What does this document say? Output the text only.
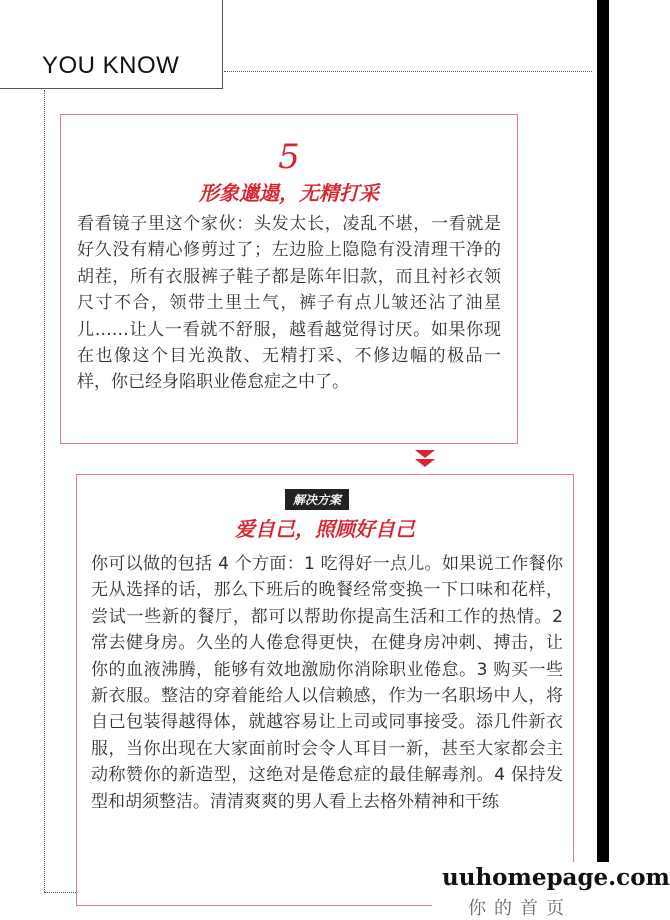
YOU KNOW
5
形象邋遢，无精打采
看看镜子里这个家伙：头发太长，凌乱不堪，一看就是好久没有精心修剪过了；左边脸上隐隐有没清理干净的胡茬，所有衣服裤子鞋子都是陈年旧款，而且衬衫衣领尺寸不合，领带土里土气，裤子有点儿皱还沾了油星儿……让人一看就不舒服，越看越觉得讨厌。如果你现在也像这个目光涣散、无精打采、不修边幅的极品一样，你已经身陷职业倦怠症之中了。
解决方案
爱自己，照顾好自己
你可以做的包括 4 个方面：1 吃得好一点儿。如果说工作餐你无从选择的话，那么下班后的晚餐经常变换一下口味和花样，尝试一些新的餐厅，都可以帮助你提高生活和工作的热情。2 常去健身房。久坐的人倦怠得更快，在健身房冲刺、搏击，让你的血液沸腾，能够有效地激励你消除职业倦怠。3 购买一些新衣服。整洁的穿着能给人以信赖感，作为一名职场中人，将自己包装得越得体，就越容易让上司或同事接受。添几件新衣服，当你出现在大家面前时会令人耳目一新，甚至大家都会主动称赞你的新造型，这绝对是倦怠症的最佳解毒剂。4 保持发型和胡须整洁。清清爽爽的男人看上去格外精神和干练
uuhomepage.com
你的首页
